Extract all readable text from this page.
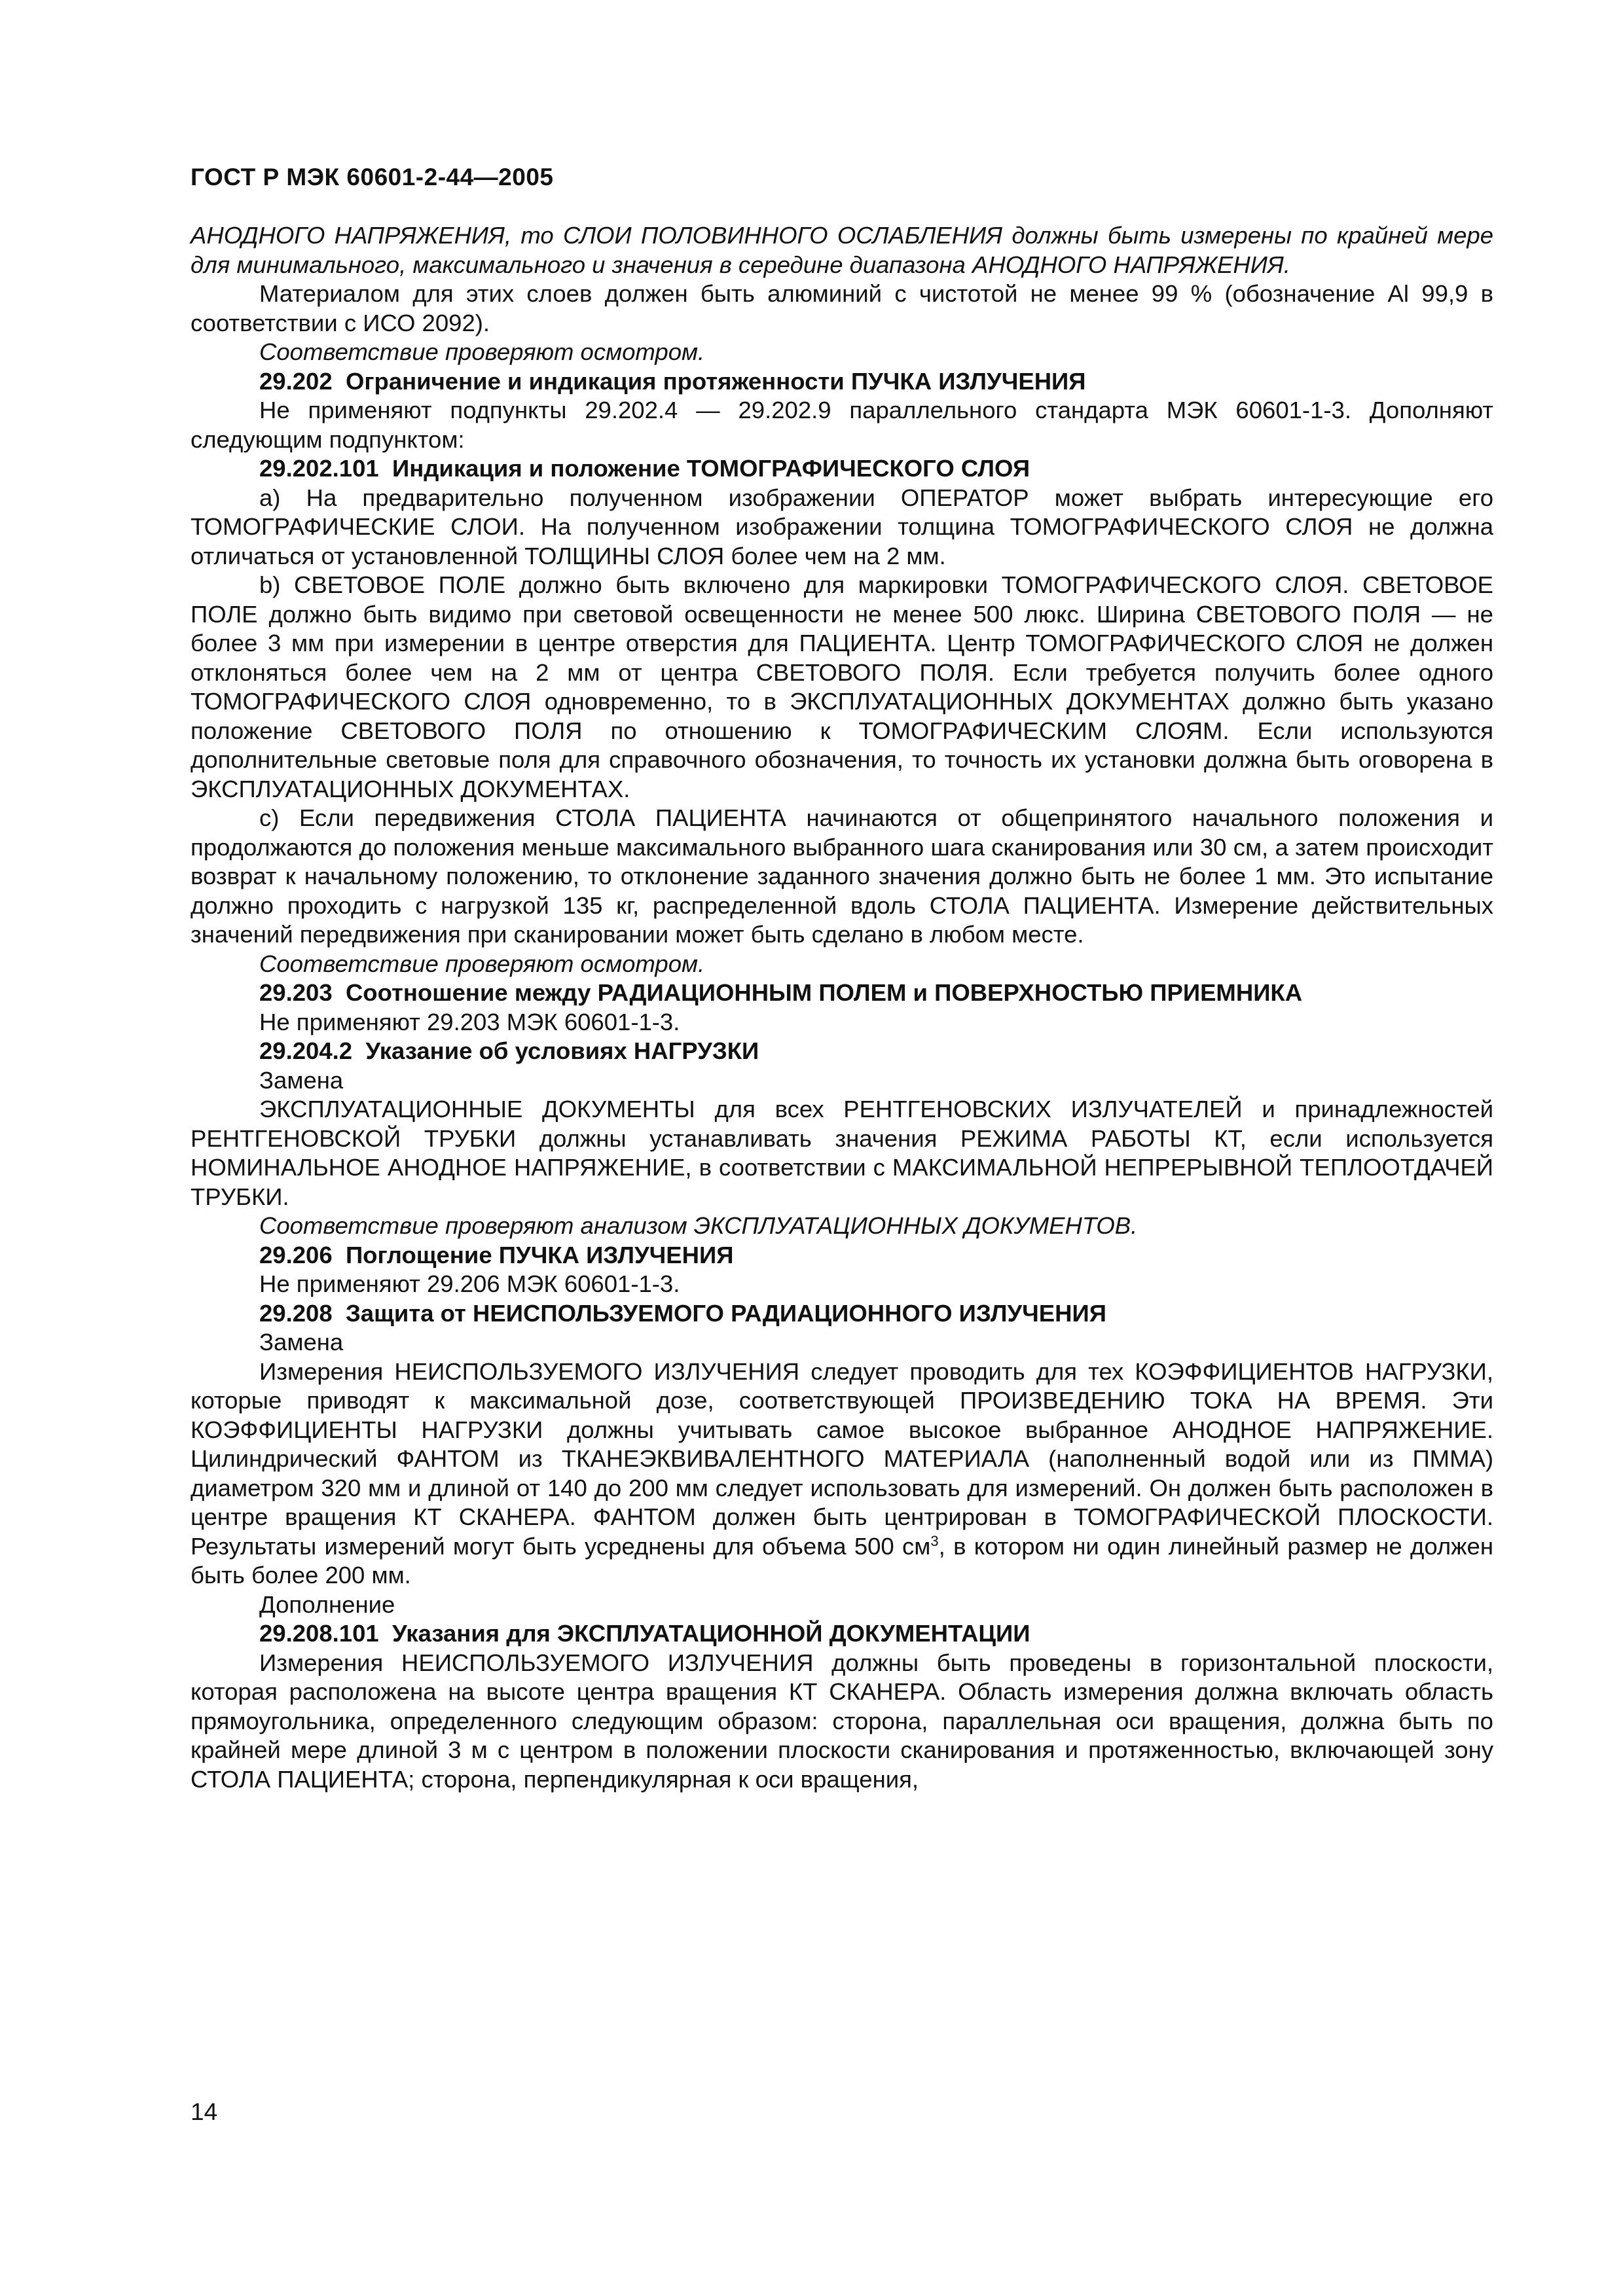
ГОСТ Р МЭК 60601-2-44—2005

АНОДНОГО НАПРЯЖЕНИЯ, то СЛОИ ПОЛОВИННОГО ОСЛАБЛЕНИЯ должны быть измерены по крайней мере для минимального, максимального и значения в середине диапазона АНОДНОГО НАПРЯЖЕНИЯ.

Материалом для этих слоев должен быть алюминий с чистотой не менее 99 % (обозначение Al 99,9 в соответствии с ИСО 2092).

Соответствие проверяют осмотром.

29.202 Ограничение и индикация протяженности ПУЧКА ИЗЛУЧЕНИЯ

Не применяют подпункты 29.202.4 — 29.202.9 параллельного стандарта МЭК 60601-1-3. Дополняют следующим подпунктом:

29.202.101 Индикация и положение ТОМОГРАФИЧЕСКОГО СЛОЯ

а) На предварительно полученном изображении ОПЕРАТОР может выбрать интересующие его ТОМОГРАФИЧЕСКИЕ СЛОИ. На полученном изображении толщина ТОМОГРАФИЧЕСКОГО СЛОЯ не должна отличаться от установленной ТОЛЩИНЫ СЛОЯ более чем на 2 мм.

b) СВЕТОВОЕ ПОЛЕ должно быть включено для маркировки ТОМОГРАФИЧЕСКОГО СЛОЯ. СВЕТОВОЕ ПОЛЕ должно быть видимо при световой освещенности не менее 500 люкс. Ширина СВЕТОВОГО ПОЛЯ — не более 3 мм при измерении в центре отверстия для ПАЦИЕНТА. Центр ТОМОГРАФИЧЕСКОГО СЛОЯ не должен отклоняться более чем на 2 мм от центра СВЕТОВОГО ПОЛЯ. Если требуется получить более одного ТОМОГРАФИЧЕСКОГО СЛОЯ одновременно, то в ЭКСПЛУАТАЦИОННЫХ ДОКУМЕНТАХ должно быть указано положение СВЕТОВОГО ПОЛЯ по отношению к ТОМОГРАФИЧЕСКИМ СЛОЯМ. Если используются дополнительные световые поля для справочного обозначения, то точность их установки должна быть оговорена в ЭКСПЛУАТАЦИОННЫХ ДОКУМЕНТАХ.

с) Если передвижения СТОЛА ПАЦИЕНТА начинаются от общепринятого начального положения и продолжаются до положения меньше максимального выбранного шага сканирования или 30 см, а затем происходит возврат к начальному положению, то отклонение заданного значения должно быть не более 1 мм. Это испытание должно проходить с нагрузкой 135 кг, распределенной вдоль СТОЛА ПАЦИЕНТА. Измерение действительных значений передвижения при сканировании может быть сделано в любом месте.

Соответствие проверяют осмотром.

29.203 Соотношение между РАДИАЦИОННЫМ ПОЛЕМ и ПОВЕРХНОСТЬЮ ПРИЕМНИКА

Не применяют 29.203 МЭК 60601-1-3.

29.204.2 Указание об условиях НАГРУЗКИ

Замена

ЭКСПЛУАТАЦИОННЫЕ ДОКУМЕНТЫ для всех РЕНТГЕНОВСКИХ ИЗЛУЧАТЕЛЕЙ и принадлежностей РЕНТГЕНОВСКОЙ ТРУБКИ должны устанавливать значения РЕЖИМА РАБОТЫ КТ, если используется НОМИНАЛЬНОЕ АНОДНОЕ НАПРЯЖЕНИЕ, в соответствии с МАКСИМАЛЬНОЙ НЕПРЕРЫВНОЙ ТЕПЛООТДАЧЕЙ ТРУБКИ.

Соответствие проверяют анализом ЭКСПЛУАТАЦИОННЫХ ДОКУМЕНТОВ.

29.206 Поглощение ПУЧКА ИЗЛУЧЕНИЯ

Не применяют 29.206 МЭК 60601-1-3.

29.208 Защита от НЕИСПОЛЬЗУЕМОГО РАДИАЦИОННОГО ИЗЛУЧЕНИЯ

Замена

Измерения НЕИСПОЛЬЗУЕМОГО ИЗЛУЧЕНИЯ следует проводить для тех КОЭФФИЦИЕНТОВ НАГРУЗКИ, которые приводят к максимальной дозе, соответствующей ПРОИЗВЕДЕНИЮ ТОКА НА ВРЕМЯ. Эти КОЭФФИЦИЕНТЫ НАГРУЗКИ должны учитывать самое высокое выбранное АНОДНОЕ НАПРЯЖЕНИЕ. Цилиндрический ФАНТОМ из ТКАНЕЭКВИВАЛЕНТНОГО МАТЕРИАЛА (наполненный водой или из ПММА) диаметром 320 мм и длиной от 140 до 200 мм следует использовать для измерений. Он должен быть расположен в центре вращения КТ СКАНЕРА. ФАНТОМ должен быть центрирован в ТОМОГРАФИЧЕСКОЙ ПЛОСКОСТИ. Результаты измерений могут быть усреднены для объема 500 $см^3$, в котором ни один линейный размер не должен быть более 200 мм.

Дополнение

29.208.101 Указания для ЭКСПЛУАТАЦИОННОЙ ДОКУМЕНТАЦИИ

Измерения НЕИСПОЛЬЗУЕМОГО ИЗЛУЧЕНИЯ должны быть проведены в горизонтальной плоскости, которая расположена на высоте центра вращения КТ СКАНЕРА. Область измерения должна включать область прямоугольника, определенного следующим образом: сторона, параллельная оси вращения, должна быть по крайней мере длиной 3 м с центром в положении плоскости сканирования и протяженностью, включающей зону СТОЛА ПАЦИЕНТА; сторона, перпендикулярная к оси вращения,

14
